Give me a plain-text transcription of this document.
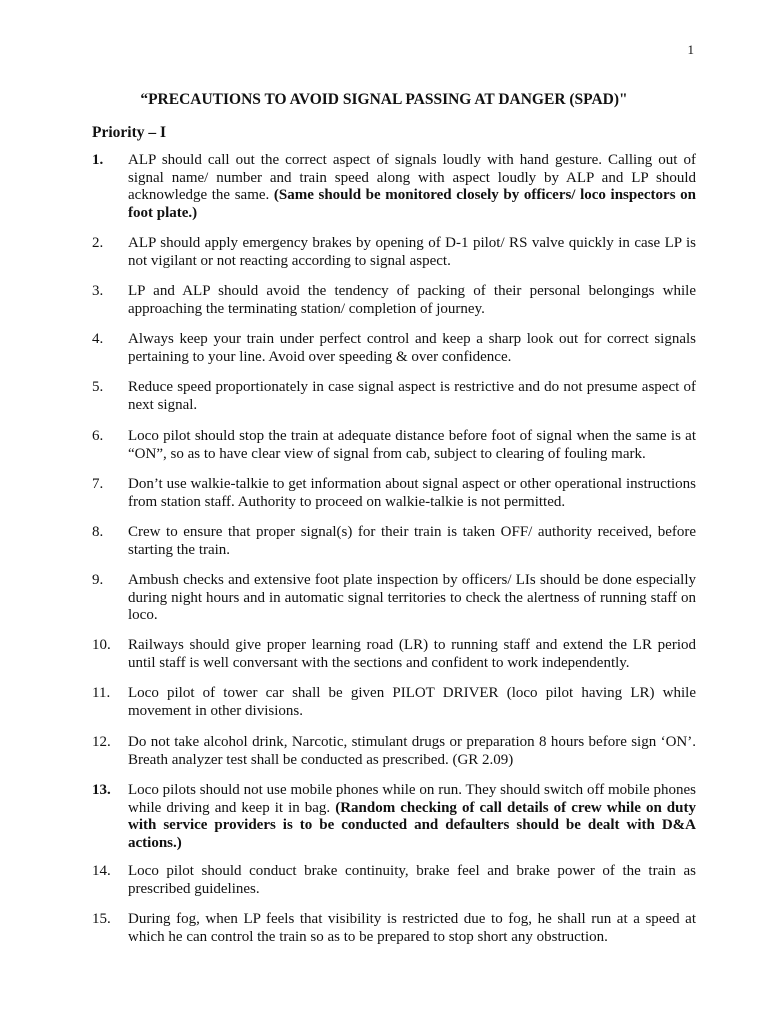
1
“PRECAUTIONS TO AVOID SIGNAL PASSING AT DANGER (SPAD)"
Priority – I
1.	ALP should call out the correct aspect of signals loudly with hand gesture. Calling out of signal name/ number and train speed along with aspect loudly by ALP and LP should acknowledge the same. (Same should be monitored closely by officers/ loco inspectors on foot plate.)
2.	ALP should apply emergency brakes by opening of D-1 pilot/ RS valve quickly in case LP is not vigilant or not reacting according to signal aspect.
3.	LP and ALP should avoid the tendency of packing of their personal belongings while approaching the terminating station/ completion of journey.
4.	Always keep your train under perfect control and keep a sharp look out for correct signals pertaining to your line. Avoid over speeding & over confidence.
5.	Reduce speed proportionately in case signal aspect is restrictive and do not presume aspect of next signal.
6.	Loco pilot should stop the train at adequate distance before foot of signal when the same is at “ON”, so as to have clear view of signal from cab, subject to clearing of fouling mark.
7.	Don’t use walkie-talkie to get information about signal aspect or other operational instructions from station staff. Authority to proceed on walkie-talkie is not permitted.
8.	Crew to ensure that proper signal(s) for their train is taken OFF/ authority received, before starting the train.
9.	Ambush checks and extensive foot plate inspection by officers/ LIs should be done especially during night hours and in automatic signal territories to check the alertness of running staff on loco.
10.	Railways should give proper learning road (LR) to running staff and extend the LR period until staff is well conversant with the sections and confident to work independently.
11.	Loco pilot of tower car shall be given PILOT DRIVER (loco pilot having LR) while movement in other divisions.
12.	Do not take alcohol drink, Narcotic, stimulant drugs or preparation 8 hours before sign ‘ON’. Breath analyzer test shall be conducted as prescribed. (GR 2.09)
13.	Loco pilots should not use mobile phones while on run. They should switch off mobile phones while driving and keep it in bag. (Random checking of call details of crew while on duty with service providers is to be conducted and defaulters should be dealt with D&A actions.)
14.	Loco pilot should conduct brake continuity, brake feel and brake power of the train as prescribed guidelines.
15.	During fog, when LP feels that visibility is restricted due to fog, he shall run at a speed at which he can control the train so as to be prepared to stop short any obstruction.
